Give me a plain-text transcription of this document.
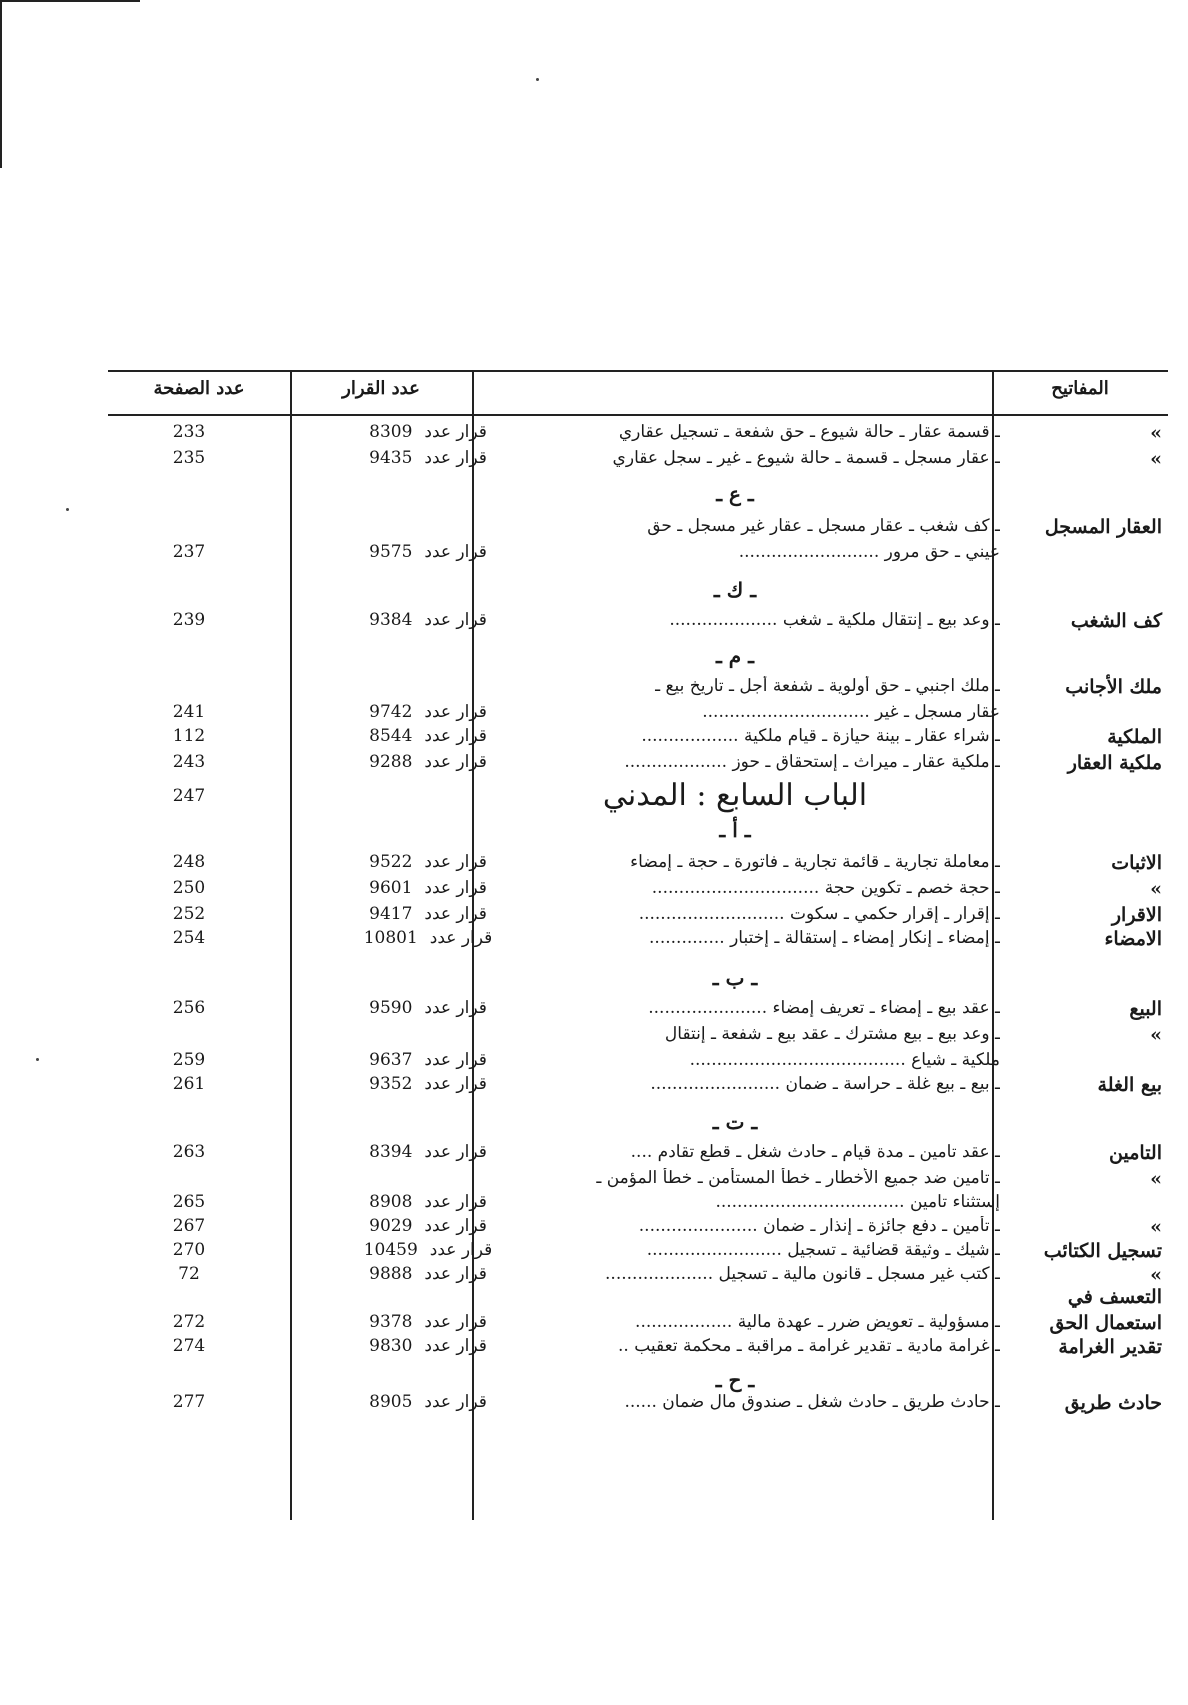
عدد الصفحة	عدد القرار	المفاتيح
»
ـ قسمة عقار ـ حالة شيوع ـ حق شفعة ـ تسجيل عقاري
8309 قرار عدد
233
»
ـ عقار مسجل ـ قسمة ـ حالة شيوع ـ غير ـ سجل عقاري
9435 قرار عدد
235
ـ ع ـ
العقار المسجل
ـ كف شغب ـ عقار مسجل ـ عقار غير مسجل ـ حق
عيني ـ حق مرور ..........................
9575 قرار عدد
237
ـ ك ـ
كف الشغب
ـ وعد بيع ـ إنتقال ملكية ـ شغب ....................
9384 قرار عدد
239
ـ م ـ
ملك الأجانب
ـ ملك اجنبي ـ حق أولوية ـ شفعة أجل ـ تاريخ بيع ـ
عقار مسجل ـ غير ...............................
9742 قرار عدد
241
الملكية
ـ شراء عقار ـ بينة حيازة ـ قيام ملكية ..................
8544 قرار عدد
112
ملكية العقار
ـ ملكية عقار ـ ميراث ـ إستحقاق ـ حوز ...................
9288 قرار عدد
243
الباب السابع : المدني
247
ـ أ ـ
الاثبات
ـ معاملة تجارية ـ قائمة تجارية ـ فاتورة ـ حجة ـ إمضاء
9522 قرار عدد
248
»
ـ حجة خصم ـ تكوين حجة ...............................
9601 قرار عدد
250
الاقرار
ـ إقرار ـ إقرار حكمي ـ سكوت ...........................
9417 قرار عدد
252
الامضاء
ـ إمضاء ـ إنكار إمضاء ـ إستقالة ـ إختبار ..............
10801 قرار عدد
254
ـ ب ـ
البيع
ـ عقد بيع ـ إمضاء ـ تعريف إمضاء ......................
9590 قرار عدد
256
»
ـ وعد بيع ـ بيع مشترك ـ عقد بيع ـ شفعة ـ إنتقال
ملكية ـ شياع ........................................
9637 قرار عدد
259
بيع الغلة
ـ بيع ـ بيع غلة ـ حراسة ـ ضمان ........................
9352 قرار عدد
261
ـ ت ـ
التامين
ـ عقد تامين ـ مدة قيام ـ حادث شغل ـ قطع تقادم ....
8394 قرار عدد
263
»
ـ تامين ضد جميع الأخطار ـ خطأ المستأمن ـ خطأ المؤمن ـ
إستثناء تامين ...................................
8908 قرار عدد
265
»
ـ تأمين ـ دفع جائزة ـ إنذار ـ ضمان ......................
9029 قرار عدد
267
تسجيل الكتائب
ـ شيك ـ وثيقة قضائية ـ تسجيل .........................
10459 قرار عدد
270
»
ـ كتب غير مسجل ـ قانون مالية ـ تسجيل ....................
9888 قرار عدد
72
التعسف في
استعمال الحق
ـ مسؤولية ـ تعويض ضرر ـ عهدة مالية ..................
9378 قرار عدد
272
تقدير الغرامة
ـ غرامة مادية ـ تقدير غرامة ـ مراقبة ـ محكمة تعقيب ..
9830 قرار عدد
274
ـ ح ـ
حادث طريق
ـ حادث طريق ـ حادث شغل ـ صندوق مال ضمان ......
8905 قرار عدد
277
